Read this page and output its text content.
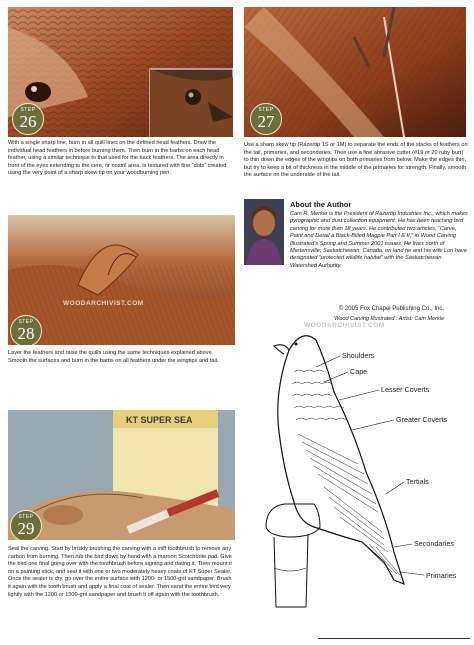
STEP
26

With a single sharp line, burn in all quill lines on the defined head feathers. Draw the individual head feathers in before burning them. Then burn in the barbs on each head feather, using a similar technique to that used for the back feathers. The area directly in front of the eyes extending to the cere, or nostril area, is textured with fine “dots” created using the very point of a sharp skew tip on your woodburning pen.

STEP
27

Use a sharp skew tip (Razertip 1S or 1M) to separate the ends of the stacks of feathers on the tail, primaries, and secondaries. Then use a fine abrasive cutter (#19 or 20 ruby burr) to thin down the edges of the wingtips on both primaries from below. Make the edges thin, but try to keep a bit of thickness in the middle of the primaries for strength. Finally, smooth the surface on the underside of the tail.

About the Author

Cam R. Merkle is the President of Razertip Industries Inc., which makes pyrographic and dust collection equipment. He has been teaching bird carving for more than 18 years. He contributed two articles, “Carve, Paint and Detail a Black-Billed Magpie Part I & II,” in Wood Carving Illustrated’s Spring and Summer 2001 issues. He lives north of Martensville, Saskatchewan, Canada, on land he and his wife Lori have designated “protected wildlife habitat” with the Saskatchewan Watershed Authority.

© 2005 Fox Chapel Publishing Co., Inc.
Wood Carving Illustrated : Artist: Cam Merkle
WOODARCHIVIST.COM
STEP
28

Layer the feathers and raise the quills using the same techniques explained above. Smooth the surfaces and burn in the barbs on all feathers under the wingtips and tail.

KT SUPER SEA
STEP
29

Seal the carving. Start by briskly brushing the carving with a stiff toothbrush to remove any carbon from burning. Then rub the bird down by hand with a maroon Scotchbrite pad. Give the bird one final going over with the toothbrush before signing and dating it. Then mount it on a painting stick, and seal it with one or two moderately heavy coats of KT Super Sealer. Once the sealer is dry, go over the entire surface with 1200- or 1500-grit sandpaper. Brush it again with the tooth brush and apply a final coat of sealer. Then sand the entire bird very lightly with the 1200 or 1500-grit sandpaper and brush it off again with the toothbrush.

WOODARCHIVIST.COM
Shoulders
Cape
Lesser Coverts
Greater Coverts
Tertials
Secondaries
Primaries
